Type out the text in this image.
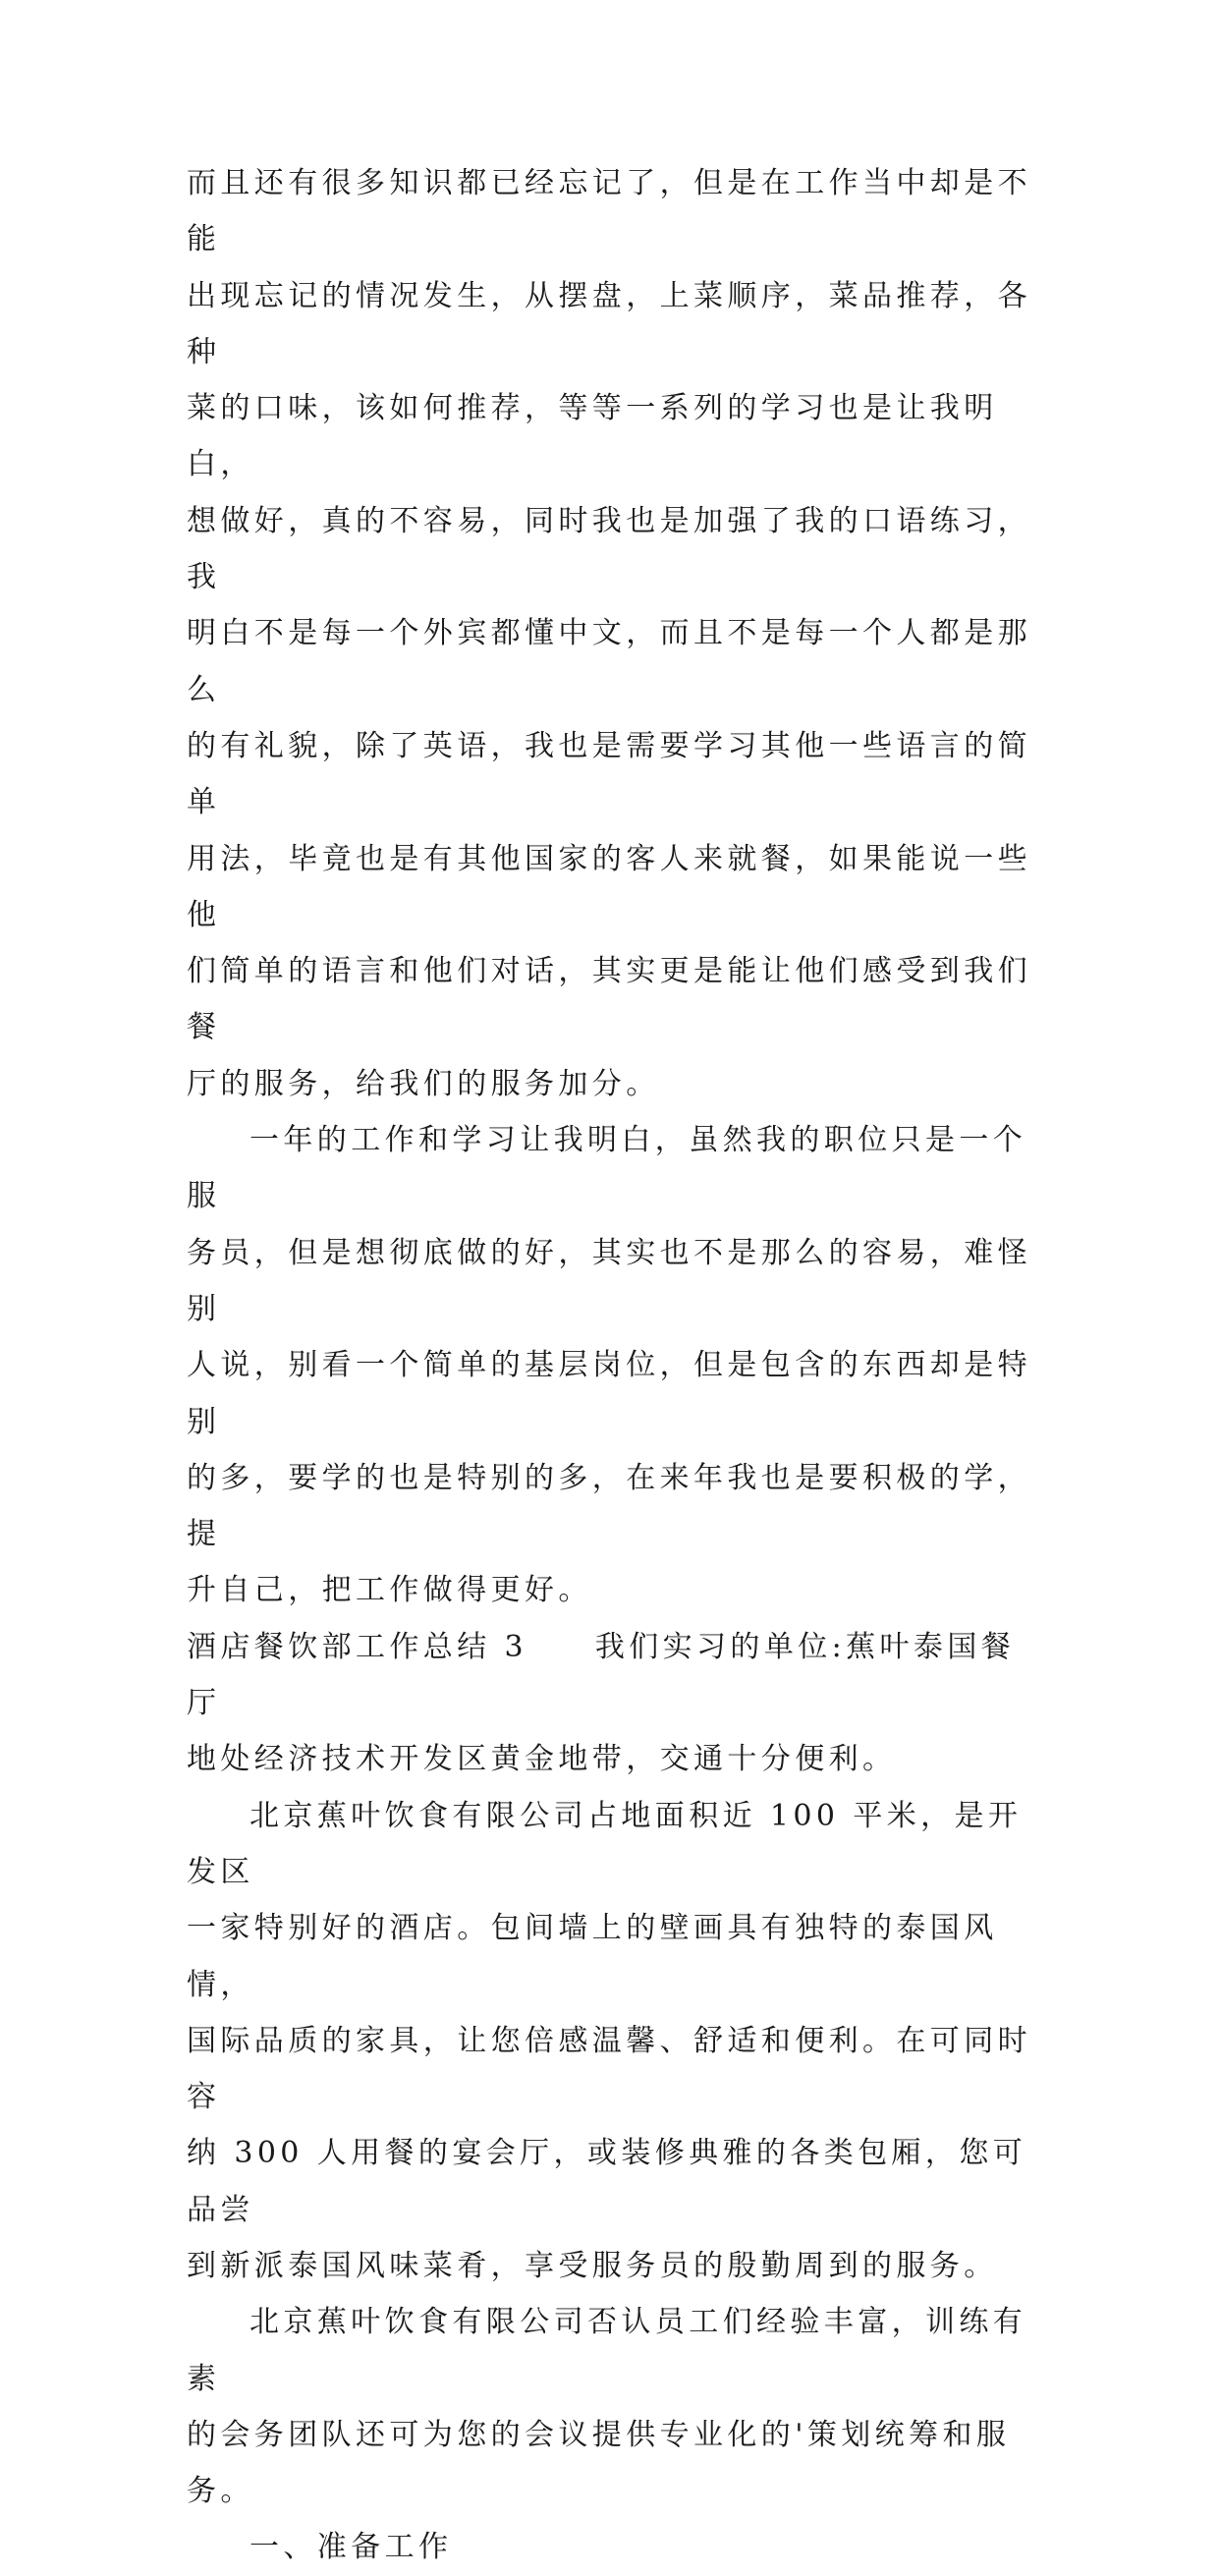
而且还有很多知识都已经忘记了，但是在工作当中却是不能
出现忘记的情况发生，从摆盘，上菜顺序，菜品推荐，各种
菜的口味，该如何推荐，等等一系列的学习也是让我明白，
想做好，真的不容易，同时我也是加强了我的口语练习，我
明白不是每一个外宾都懂中文，而且不是每一个人都是那么
的有礼貌，除了英语，我也是需要学习其他一些语言的简单
用法，毕竟也是有其他国家的客人来就餐，如果能说一些他
们简单的语言和他们对话，其实更是能让他们感受到我们餐
厅的服务，给我们的服务加分。

一年的工作和学习让我明白，虽然我的职位只是一个服
务员，但是想彻底做的好，其实也不是那么的容易，难怪别
人说，别看一个简单的基层岗位，但是包含的东西却是特别
的多，要学的也是特别的多，在来年我也是要积极的学，提
升自己，把工作做得更好。

酒店餐饮部工作总结 3　　我们实习的单位:蕉叶泰国餐厅
地处经济技术开发区黄金地带，交通十分便利。

北京蕉叶饮食有限公司占地面积近 100 平米，是开发区
一家特别好的酒店。包间墙上的壁画具有独特的泰国风情，
国际品质的家具，让您倍感温馨、舒适和便利。在可同时容
纳 300 人用餐的宴会厅，或装修典雅的各类包厢，您可品尝
到新派泰国风味菜肴，享受服务员的殷勤周到的服务。

北京蕉叶饮食有限公司否认员工们经验丰富，训练有素
的会务团队还可为您的会议提供专业化的'策划统筹和服务。

一、准备工作
